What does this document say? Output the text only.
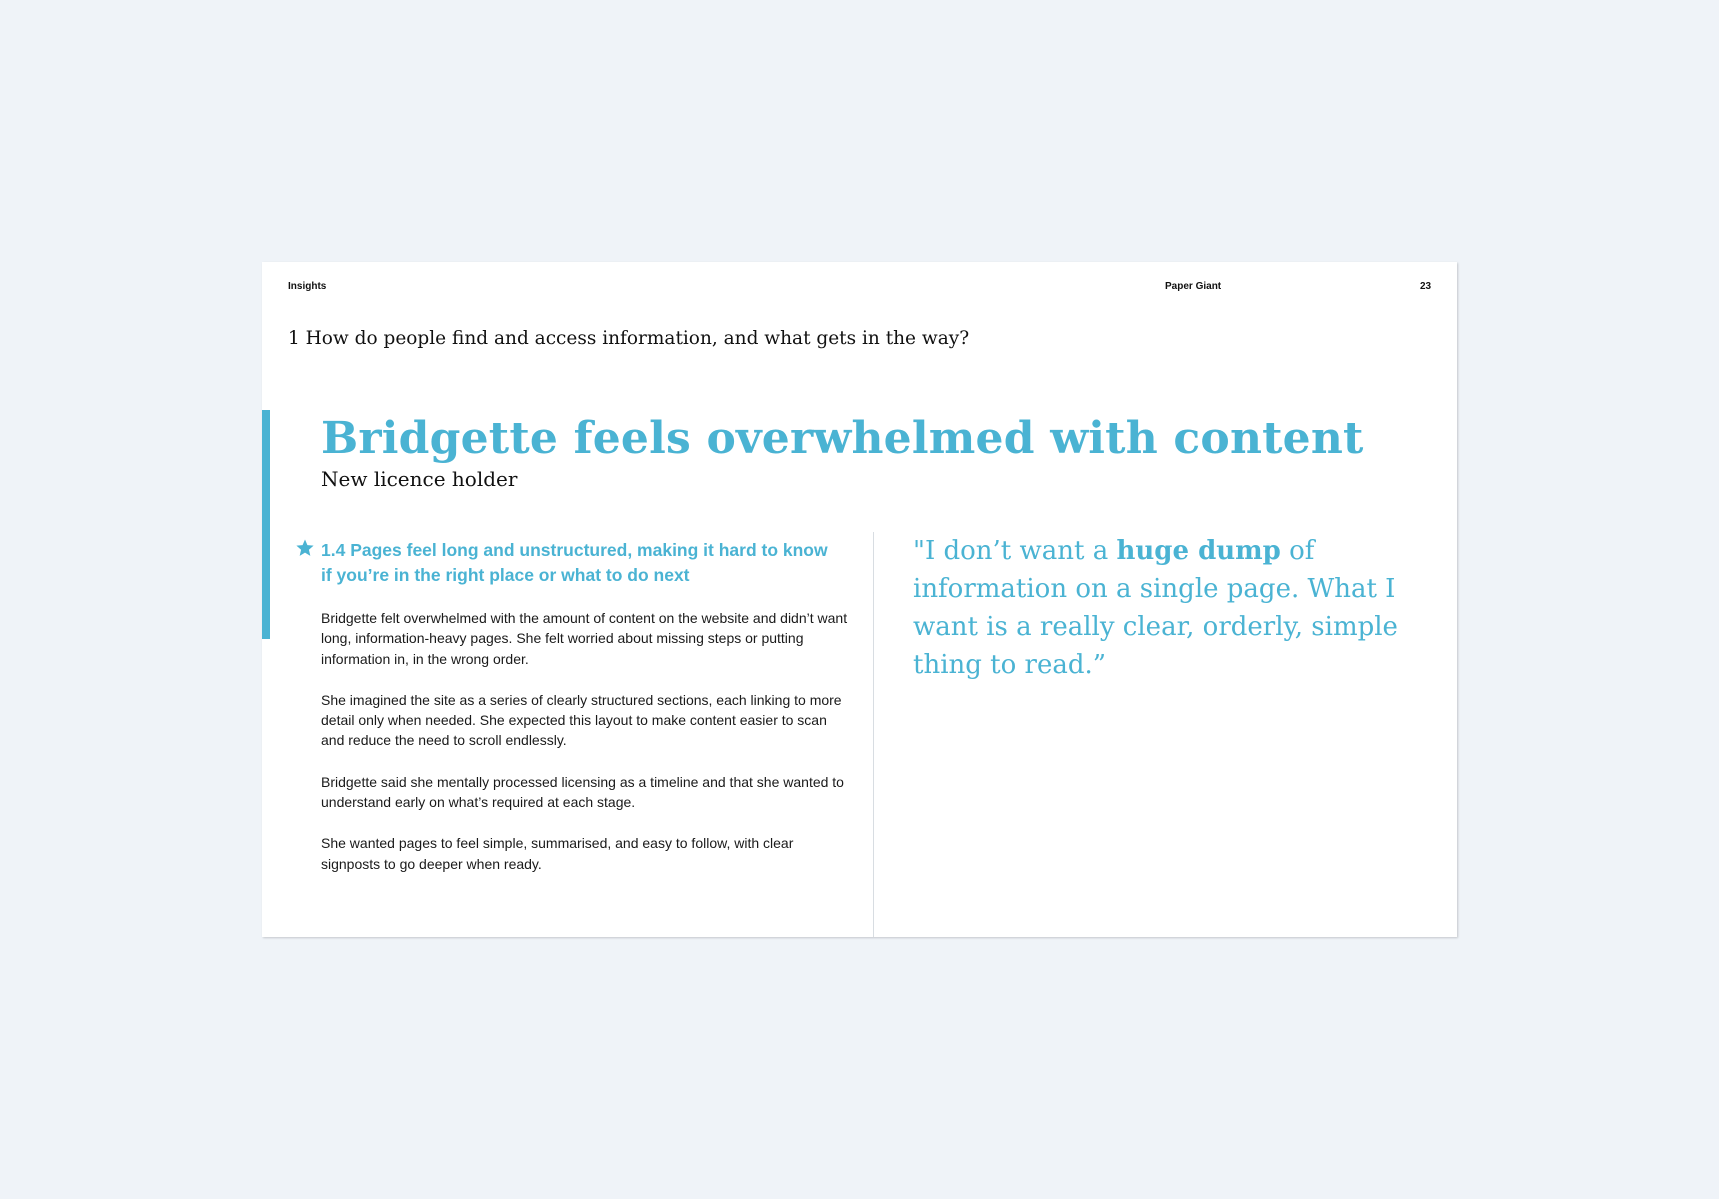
Insights	Paper Giant	23
1 How do people find and access information, and what gets in the way?
Bridgette feels overwhelmed with content
New licence holder
1.4 Pages feel long and unstructured, making it hard to know if you’re in the right place or what to do next

Bridgette felt overwhelmed with the amount of content on the website and didn’t want long, information-heavy pages. She felt worried about missing steps or putting information in, in the wrong order.

She imagined the site as a series of clearly structured sections, each linking to more detail only when needed. She expected this layout to make content easier to scan and reduce the need to scroll endlessly.

Bridgette said she mentally processed licensing as a timeline and that she wanted to understand early on what’s required at each stage.

She wanted pages to feel simple, summarised, and easy to follow, with clear signposts to go deeper when ready.

"I don’t want a huge dump of information on a single page. What I want is a really clear, orderly, simple thing to read.”
